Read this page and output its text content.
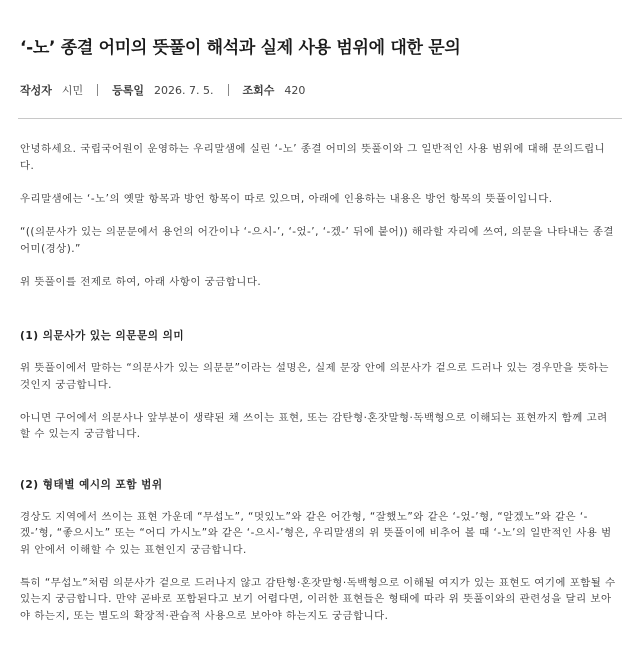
‘-노’ 종결 어미의 뜻풀이 해석과 실제 사용 범위에 대한 문의
작성자 시민	등록일 2026. 7. 5.	조회수 420

안녕하세요. 국립국어원이 운영하는 우리말샘에 실린 ‘-노’ 종결 어미의 뜻풀이와 그 일반적인 사용 범위에 대해 문의드립니다.

우리말샘에는 ‘-노’의 옛말 항목과 방언 항목이 따로 있으며, 아래에 인용하는 내용은 방언 항목의 뜻풀이입니다.

“((의문사가 있는 의문문에서 용언의 어간이나 ‘-으시-’, ‘-었-’, ‘-겠-’ 뒤에 붙어)) 해라할 자리에 쓰여, 의문을 나타내는 종결 어미(경상).”

위 뜻풀이를 전제로 하여, 아래 사항이 궁금합니다.

(1) 의문사가 있는 의문문의 의미

위 뜻풀이에서 말하는 “의문사가 있는 의문문”이라는 설명은, 실제 문장 안에 의문사가 겉으로 드러나 있는 경우만을 뜻하는 것인지 궁금합니다.

아니면 구어에서 의문사나 앞부분이 생략된 채 쓰이는 표현, 또는 감탄형·혼잣말형·독백형으로 이해되는 표현까지 함께 고려할 수 있는지 궁금합니다.

(2) 형태별 예시의 포함 범위

경상도 지역에서 쓰이는 표현 가운데 “무섭노”, “멋있노”와 같은 어간형, “잘했노”와 같은 ‘-었-’형, “알겠노”와 같은 ‘-겠-’형, “좋으시노” 또는 “어디 가시노”와 같은 ‘-으시-’형은, 우리말샘의 위 뜻풀이에 비추어 볼 때 ‘-노’의 일반적인 사용 범위 안에서 이해할 수 있는 표현인지 궁금합니다.

특히 “무섭노”처럼 의문사가 겉으로 드러나지 않고 감탄형·혼잣말형·독백형으로 이해될 여지가 있는 표현도 여기에 포함될 수 있는지 궁금합니다. 만약 곧바로 포함된다고 보기 어렵다면, 이러한 표현들은 형태에 따라 위 뜻풀이와의 관련성을 달리 보아야 하는지, 또는 별도의 확장적·관습적 사용으로 보아야 하는지도 궁금합니다.
